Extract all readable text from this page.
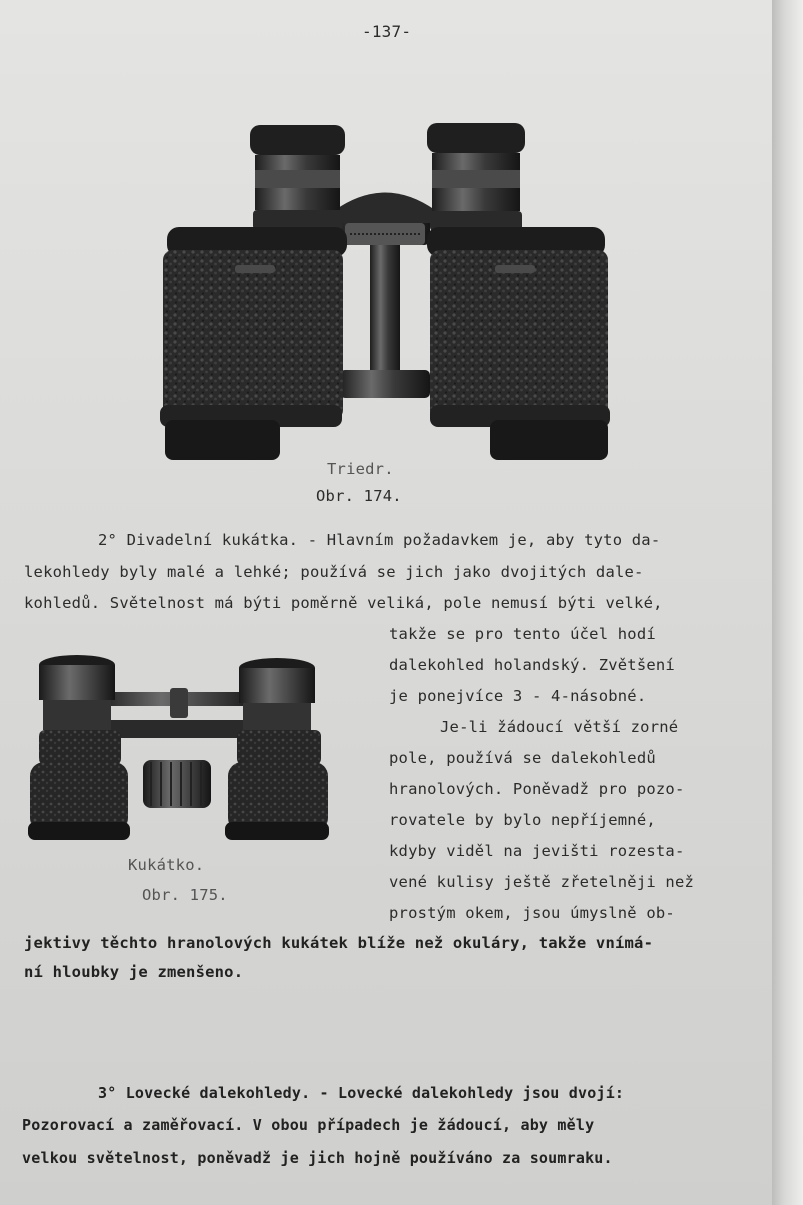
-137-
Triedr.
Obr. 174.
2° Divadelní kukátka. - Hlavním požadavkem je, aby tyto da-
lekohledy byly malé a lehké; používá se jich jako dvojitých dale-
kohledů. Světelnost má býti poměrně veliká, pole nemusí býti velké,
takže se pro tento účel hodí
dalekohled holandský. Zvětšení
je ponejvíce 3 - 4-násobné.
Je-li žádoucí větší zorné
pole, používá se dalekohledů
hranolových. Poněvadž pro pozo-
rovatele by bylo nepříjemné,
kdyby viděl na jevišti rozesta-
vené kulisy ještě zřetelněji než
prostým okem, jsou úmyslně ob-
jektivy těchto hranolových kukátek blíže než okuláry, takže vnímá-
ní hloubky je zmenšeno.
Kukátko.
Obr. 175.
3° Lovecké dalekohledy. - Lovecké dalekohledy jsou dvojí:
Pozorovací a zaměřovací. V obou případech je žádoucí, aby měly
velkou světelnost, poněvadž je jich hojně používáno za soumraku.
